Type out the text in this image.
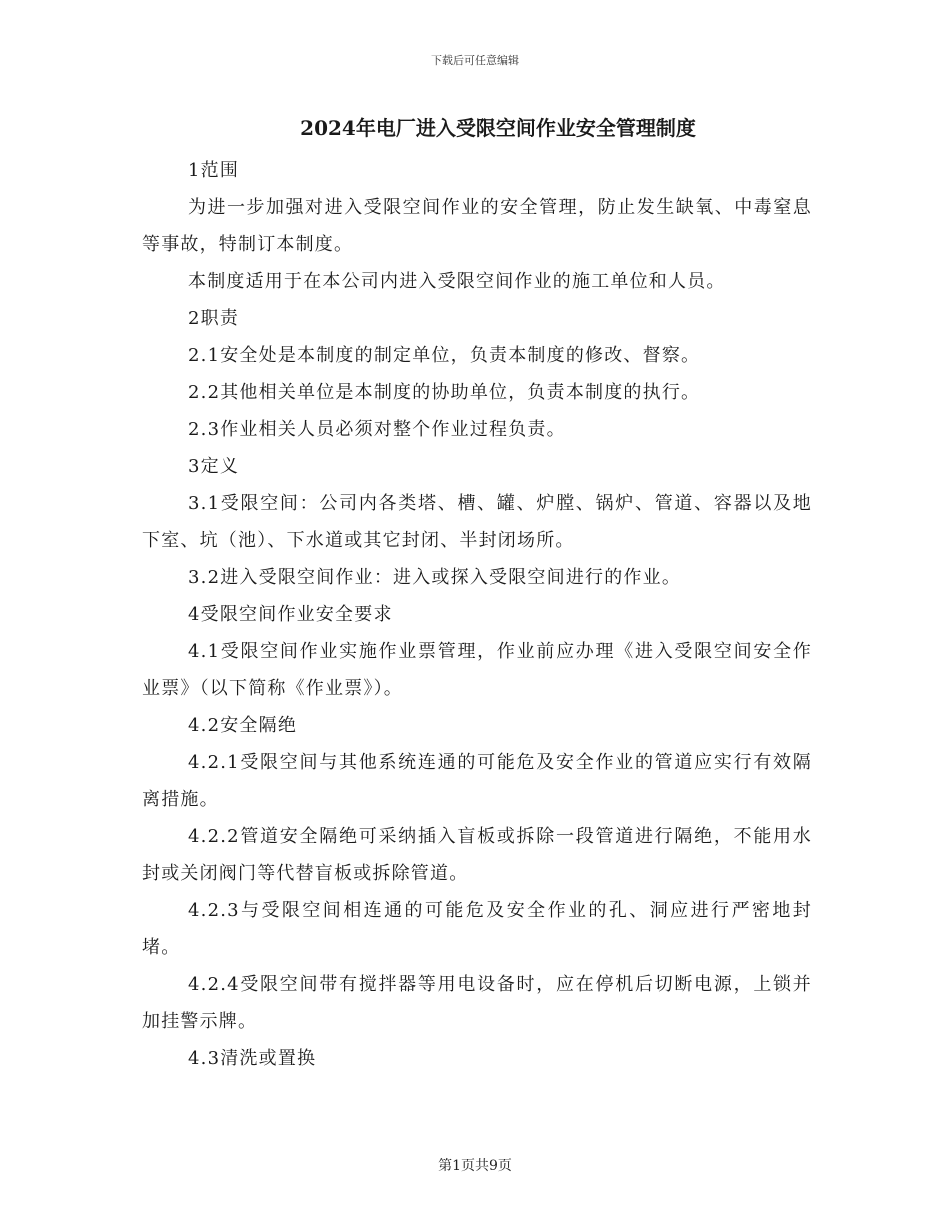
下载后可任意编辑
2024年电厂进入受限空间作业安全管理制度

1范围

为进一步加强对进入受限空间作业的安全管理，防止发生缺氧、中毒窒息等事故，特制订本制度。

本制度适用于在本公司内进入受限空间作业的施工单位和人员。

2职责

2.1安全处是本制度的制定单位，负责本制度的修改、督察。

2.2其他相关单位是本制度的协助单位，负责本制度的执行。

2.3作业相关人员必须对整个作业过程负责。

3定义

3.1受限空间：公司内各类塔、槽、罐、炉膛、锅炉、管道、容器以及地下室、坑（池）、下水道或其它封闭、半封闭场所。

3.2进入受限空间作业：进入或探入受限空间进行的作业。

4受限空间作业安全要求

4.1受限空间作业实施作业票管理，作业前应办理《进入受限空间安全作业票》（以下简称《作业票》）。

4.2安全隔绝

4.2.1受限空间与其他系统连通的可能危及安全作业的管道应实行有效隔离措施。

4.2.2管道安全隔绝可采纳插入盲板或拆除一段管道进行隔绝，不能用水封或关闭阀门等代替盲板或拆除管道。

4.2.3与受限空间相连通的可能危及安全作业的孔、洞应进行严密地封堵。

4.2.4受限空间带有搅拌器等用电设备时，应在停机后切断电源，上锁并加挂警示牌。

4.3清洗或置换

第1页共9页
